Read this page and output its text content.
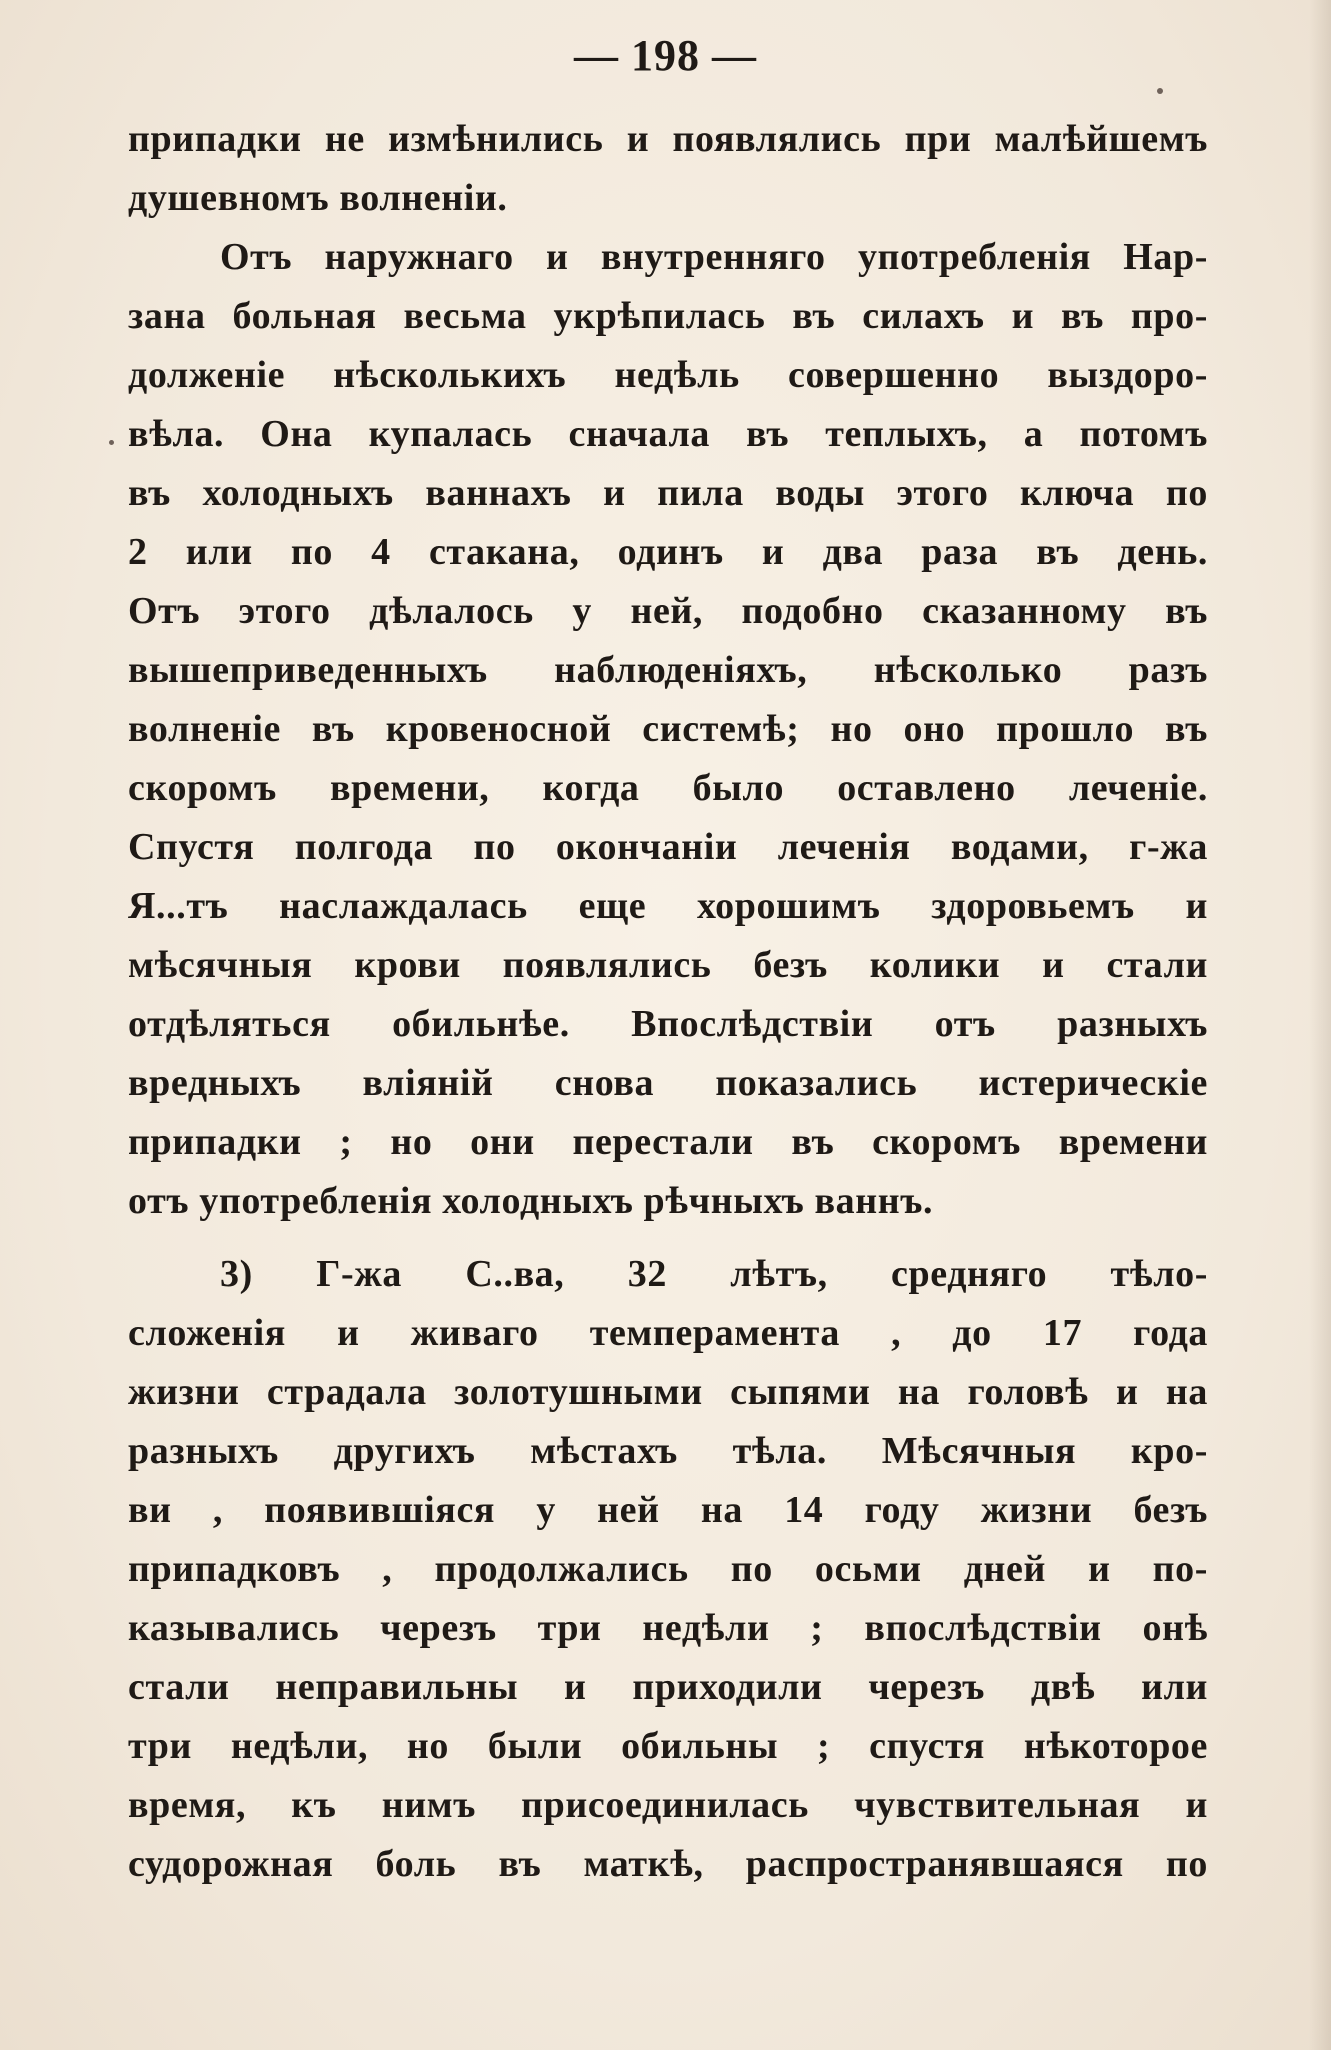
— 198 —
припадки не измѣнились и появлялись при малѣйшемъ
душевномъ волненіи.
Отъ наружнаго и внутренняго употребленія Нар-
зана больная весьма укрѣпилась въ силахъ и въ про-
долженіе нѣсколькихъ недѣль совершенно выздоро-
вѣла. Она купалась сначала въ теплыхъ, а потомъ
въ холодныхъ ваннахъ и пила воды этого ключа по
2 или по 4 стакана, одинъ и два раза въ день.
Отъ этого дѣлалось у ней, подобно сказанному въ
вышеприведенныхъ наблюденіяхъ, нѣсколько разъ
волненіе въ кровеносной системѣ; но оно прошло въ
скоромъ времени, когда было оставлено леченіе.
Спустя полгода по окончаніи леченія водами, г-жа
Я...тъ наслаждалась еще хорошимъ здоровьемъ и
мѣсячныя крови появлялись безъ колики и стали
отдѣляться обильнѣе. Впослѣдствіи отъ разныхъ
вредныхъ вліяній снова показались истерическіе
припадки ; но они перестали въ скоромъ времени
отъ употребленія холодныхъ рѣчныхъ ваннъ.
3) Г-жа С..ва, 32 лѣтъ, средняго тѣло-
сложенія и живаго темперамента , до 17 года
жизни страдала золотушными сыпями на головѣ и на
разныхъ другихъ мѣстахъ тѣла. Мѣсячныя кро-
ви , появившіяся у ней на 14 году жизни безъ
припадковъ , продолжались по осьми дней и по-
казывались черезъ три недѣли ; впослѣдствіи онѣ
стали неправильны и приходили черезъ двѣ или
три недѣли, но были обильны ; спустя нѣкоторое
время, къ нимъ присоединилась чувствительная и
судорожная боль въ маткѣ, распространявшаяся по
